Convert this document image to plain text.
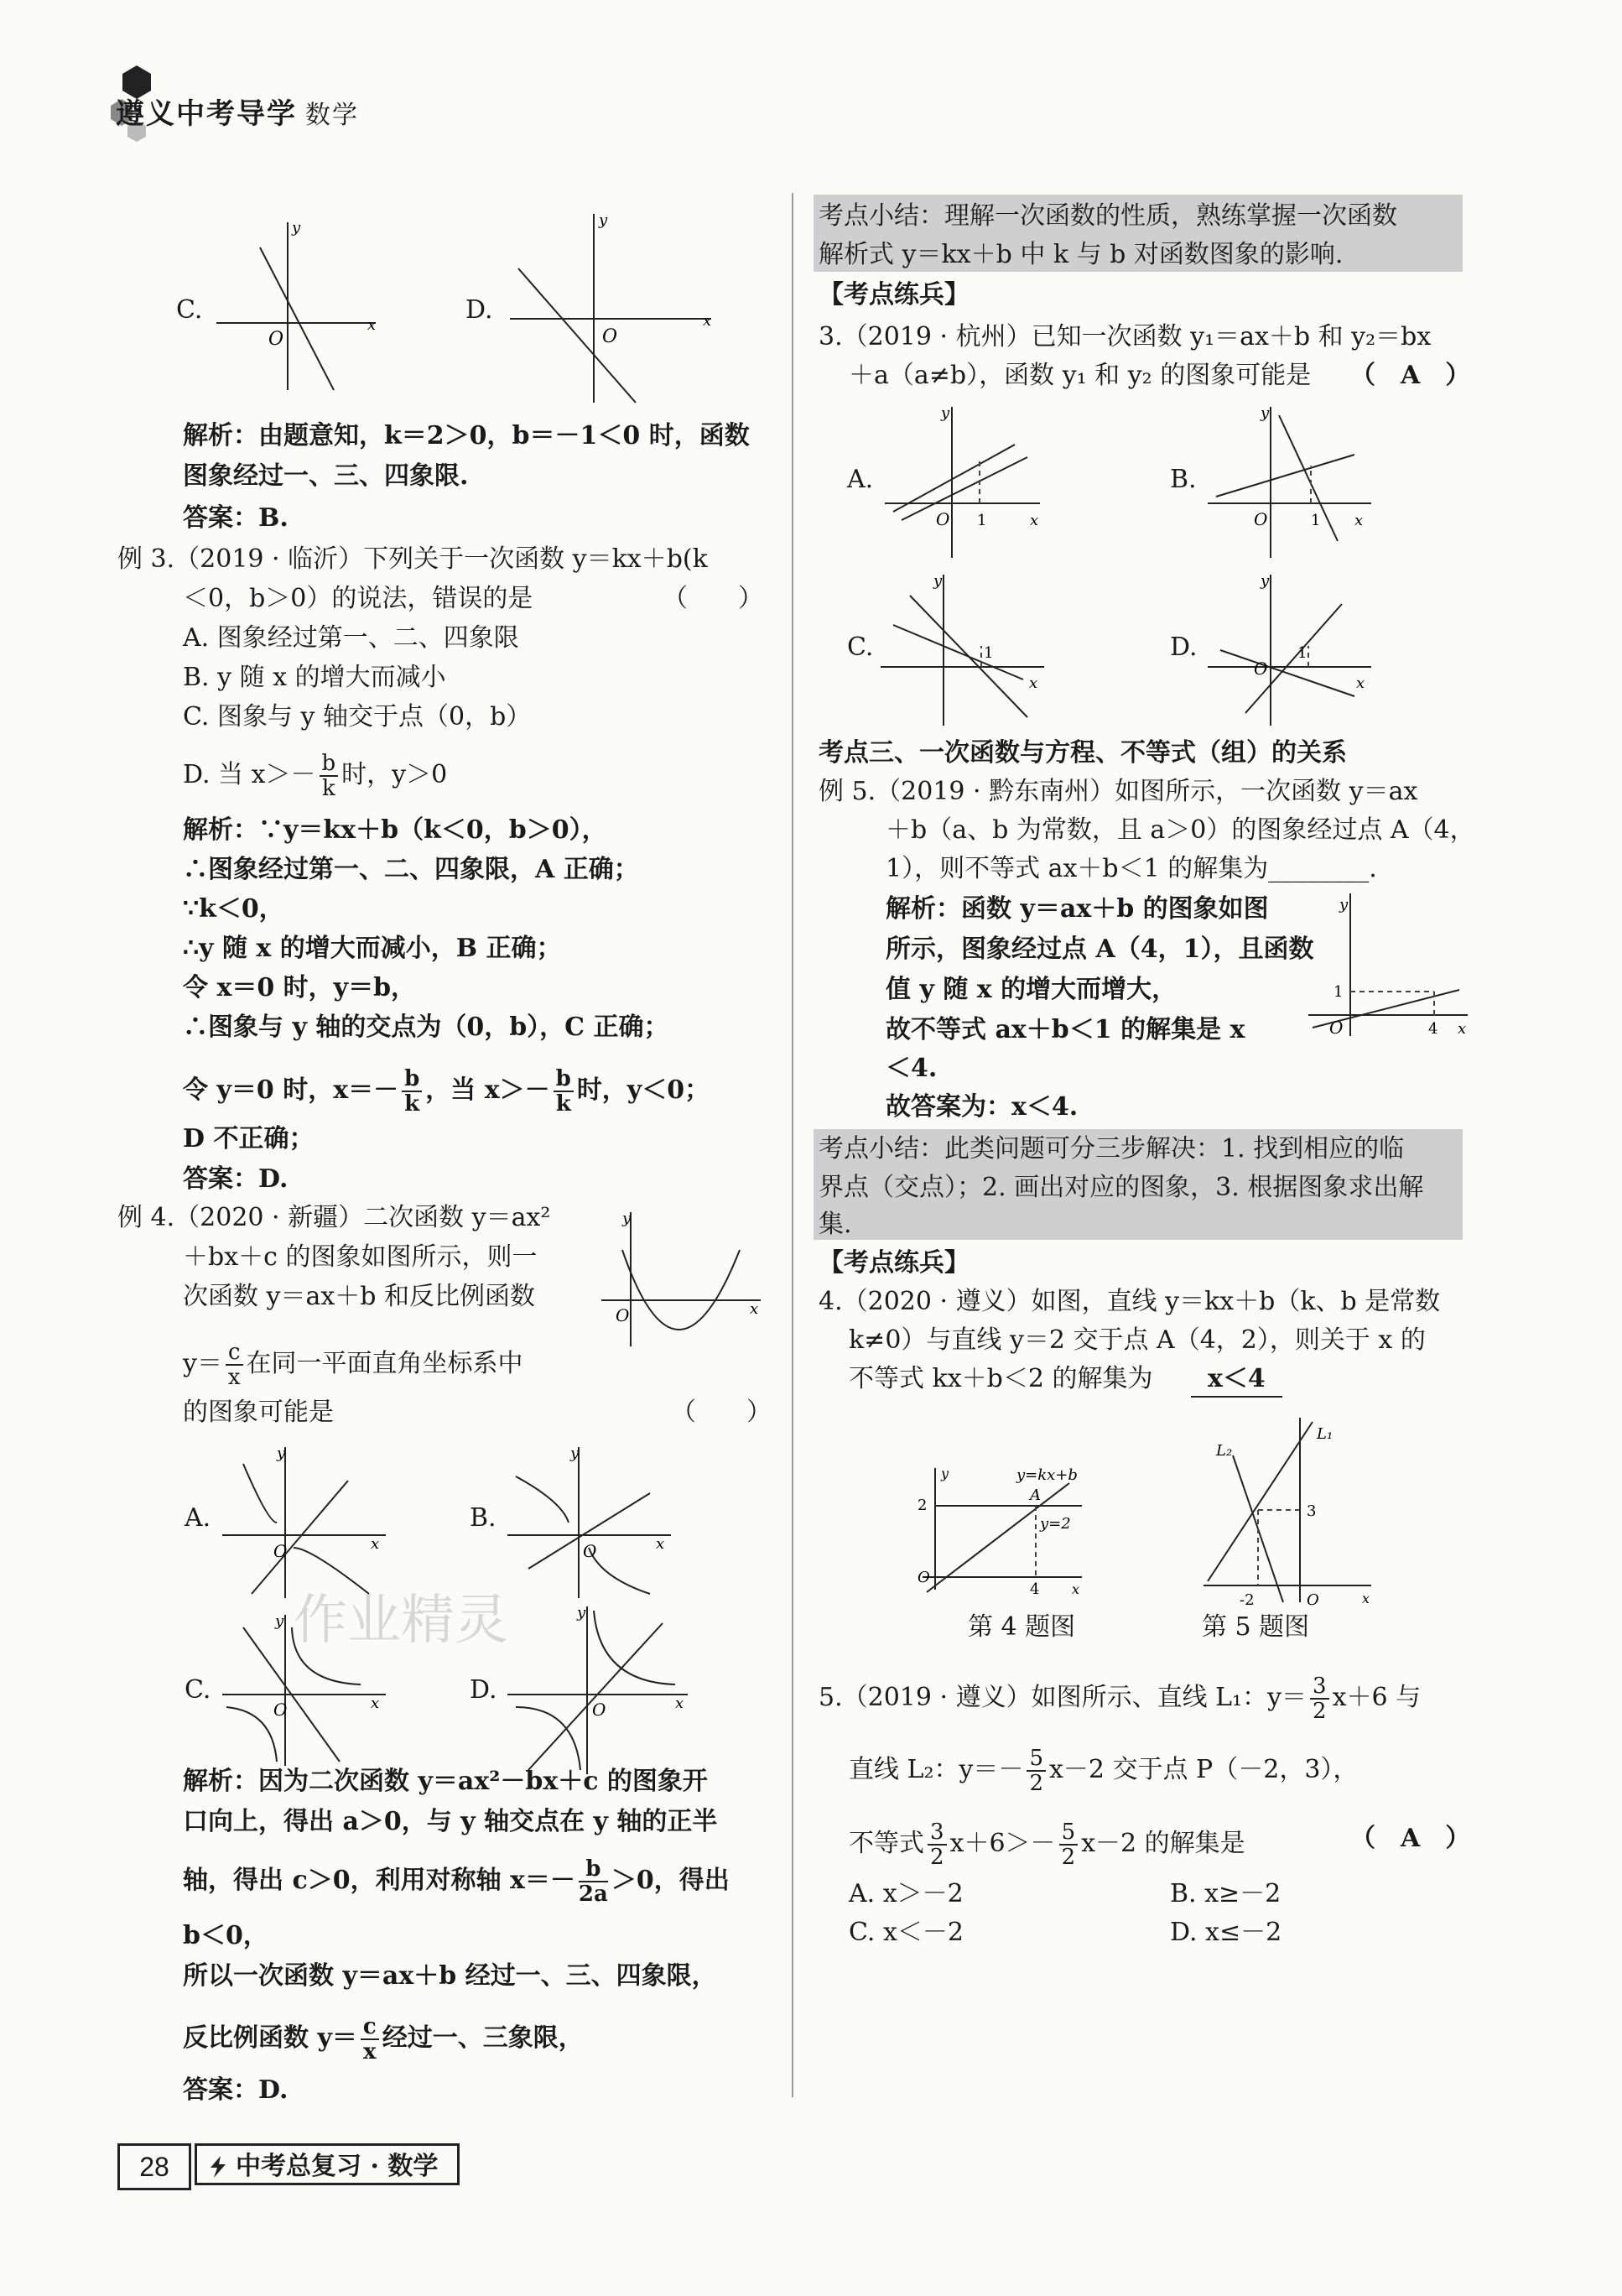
遵义中考导学 数学
C.
O
y
x
D.
O
y
x
解析：由题意知，k＝2＞0，b＝－1＜0 时，函数
图象经过一、三、四象限.
答案：B.
例 3.（2019 · 临沂）下列关于一次函数 y＝kx＋b(k
＜0，b＞0）的说法，错误的是	（　　）
A. 图象经过第一、二、四象限
B. y 随 x 的增大而减小
C. 图象与 y 轴交于点（0，b）
D. 当 $x>- \frac{b}{k}$ 时，y＞0
解析：∵y＝kx＋b（k＜0，b＞0），
∴图象经过第一、二、四象限，A 正确；
∵k＜0，
∴y 随 x 的增大而减小，B 正确；
令 x＝0 时，y＝b，
∴图象与 y 轴的交点为（0，b），C 正确；
令 y＝0 时，$x=- \frac{b}{k}$ ，当 $x>- \frac{b}{k}$ 时，y＜0；
D 不正确；
答案：D.
例 4.（2020 · 新疆）二次函数 y＝ax²
＋bx＋c 的图象如图所示，则一
次函数 y＝ax＋b 和反比例函数
$y= \frac{c}{x}$ 在同一平面直角坐标系中
的图象可能是	（　　）
O
y
x
A.
O
y
x
B.
O
y
x
C.
O
y
x	D.
O
y
x
解析：因为二次函数 y＝ax²－bx＋c 的图象开
口向上，得出 a＞0，与 y 轴交点在 y 轴的正半
轴，得出 c＞0，利用对称轴 $x=- \frac{b}{2a} >0$，得出
b＜0，
所以一次函数 y＝ax＋b 经过一、三、四象限，
反比例函数 $y= \frac{c}{x}$ 经过一、三象限，
答案：D.
作业精灵
考点小结：理解一次函数的性质，熟练掌握一次函数
解析式 y＝kx＋b 中 k 与 b 对函数图象的影响.
【考点练兵】
3.（2019 · 杭州）已知一次函数 y₁＝ax＋b 和 y₂＝bx
＋a（a≠b），函数 y₁ 和 y₂ 的图象可能是 （　A　）
A.
O 1
y
x
B.
O	1
y
x
C.	1
y
x
D.
O
1
y
x
考点三、一次函数与方程、不等式（组）的关系
例 5.（2019 · 黔东南州）如图所示，一次函数 y＝ax
＋b（a、b 为常数，且 a＞0）的图象经过点 A（4，
1），则不等式 ax＋b＜1 的解集为________.
解析：函数 y＝ax＋b 的图象如图
所示，图象经过点 A（4，1），且函数
值 y 随 x 的增大而增大，
故不等式 ax＋b＜1 的解集是 x
＜4.
故答案为：x＜4.
1
O	4
y
x
考点小结：此类问题可分三步解决：1. 找到相应的临
界点（交点）；2. 画出对应的图象，3. 根据图象求出解
集.
【考点练兵】
4.（2020 · 遵义）如图，直线 y＝kx＋b（k、b 是常数
k≠0）与直线 y＝2 交于点 A（4，2），则关于 x 的
不等式 kx＋b＜2 的解集为	x＜4
2
O
4
A
y
x
y=kx+b
y=2
第 4 题图
3
-2	O	x
L₁
L₂
第 5 题图
5.（2019 · 遵义）如图所示、直线 L₁：$y= \frac{3}{2} x+6$ 与
直线 L₂：$y=- \frac{5}{2} x-2$ 交于点 P（－2，3），
不等式 $\frac{3}{2} x+6>- \frac{5}{2} x-2$ 的解集是	（　A　）
A. x＞－2	B. x≥－2
C. x＜－2	D. x≤－2
28	中考总复习 · 数学
